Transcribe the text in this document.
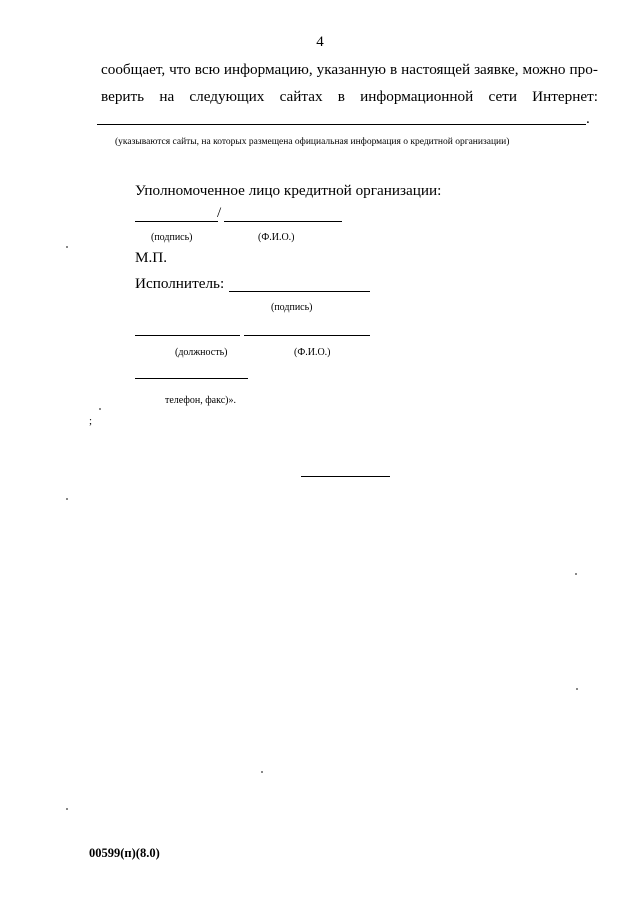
4
сообщает, что всю информацию, указанную в настоящей заявке, можно про-
верить на следующих сайтах в информационной сети Интернет:
.
(указываются сайты, на которых размещена официальная информация о кредитной организации)
Уполномоченное лицо кредитной организации:
/
(подпись)	(Ф.И.О.)
М.П.
Исполнитель:
(подпись)
(должность)	(Ф.И.О.)
телефон, факс)».
;
00599(п)(8.0)
